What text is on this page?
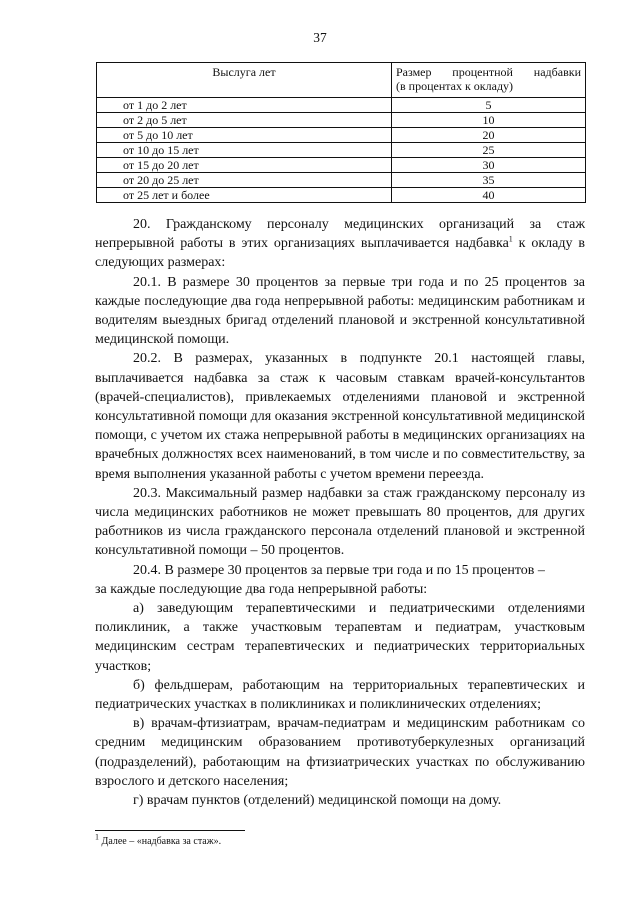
37
Выслуга лет	Размер процентной надбавки
(в процентах к окладу)

от 1 до 2 лет	5
от 2 до 5 лет	10
от 5 до 10 лет	20
от 10 до 15 лет	25
от 15 до 20 лет	30
от 20 до 25 лет	35
от 25 лет и более	40

20. Гражданскому персоналу медицинских организаций за стаж непрерывной работы в этих организациях выплачивается надбавка$^1$ к окладу в следующих размерах:

20.1. В размере 30 процентов за первые три года и по 25 процентов за каждые последующие два года непрерывной работы: медицинским работникам и водителям выездных бригад отделений плановой и экстренной консультативной медицинской помощи.

20.2. В размерах, указанных в подпункте 20.1 настоящей главы, выплачивается надбавка за стаж к часовым ставкам врачей-консультантов (врачей-специалистов), привлекаемых отделениями плановой и экстренной консультативной помощи для оказания экстренной консультативной медицинской помощи, с учетом их стажа непрерывной работы в медицинских организациях на врачебных должностях всех наименований, в том числе и по совместительству, за время выполнения указанной работы с учетом времени переезда.

20.3. Максимальный размер надбавки за стаж гражданскому персоналу из числа медицинских работников не может превышать 80 процентов, для других работников из числа гражданского персонала отделений плановой и экстренной консультативной помощи – 50 процентов.

20.4. В размере 30 процентов за первые три года и по 15 процентов –

за каждые последующие два года непрерывной работы:

а) заведующим терапевтическими и педиатрическими отделениями поликлиник, а также участковым терапевтам и педиатрам, участковым медицинским сестрам терапевтических и педиатрических территориальных участков;

б) фельдшерам, работающим на территориальных терапевтических и педиатрических участках в поликлиниках и поликлинических отделениях;

в) врачам-фтизиатрам, врачам-педиатрам и медицинским работникам со средним медицинским образованием противотуберкулезных организаций (подразделений), работающим на фтизиатрических участках по обслуживанию взрослого и детского населения;

г) врачам пунктов (отделений) медицинской помощи на дому.

$^1$ Далее – «надбавка за стаж».
